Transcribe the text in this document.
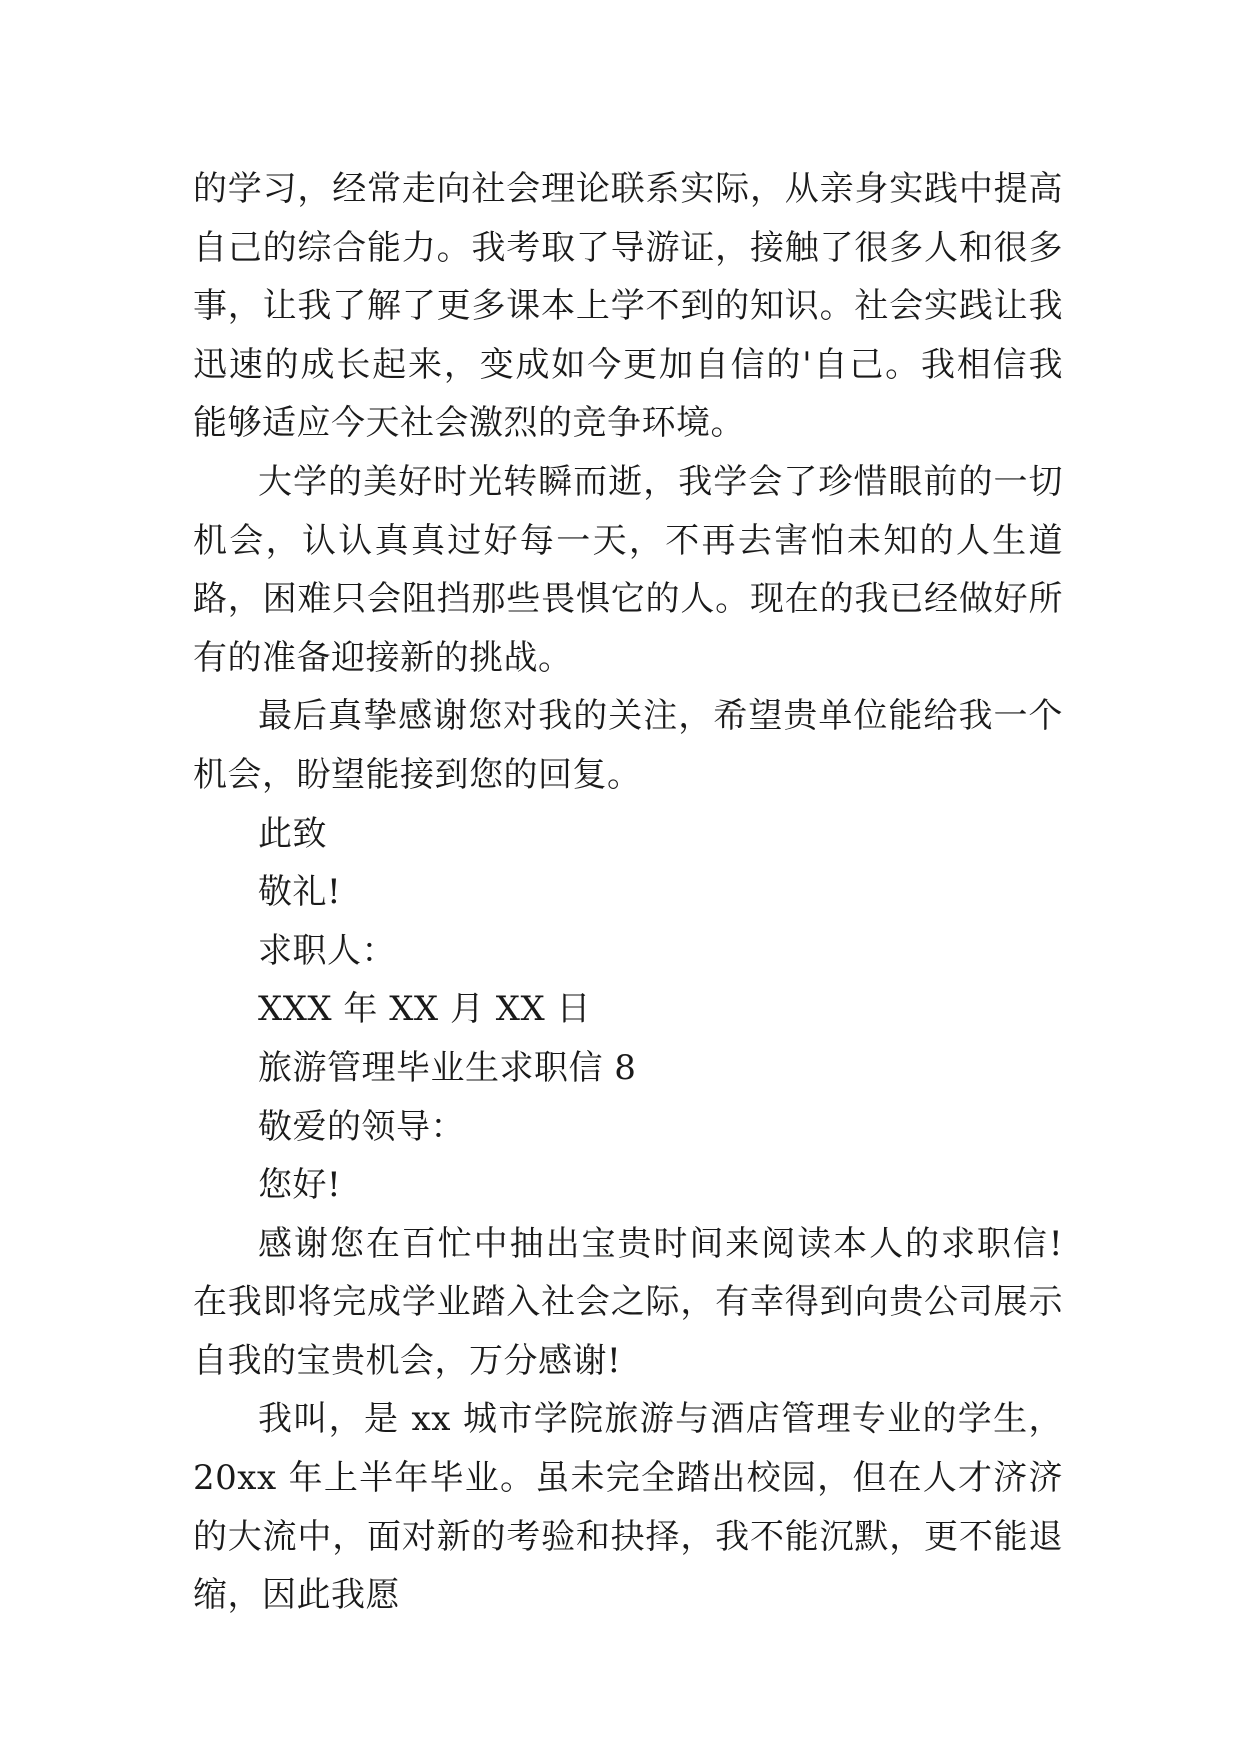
的学习，经常走向社会理论联系实际，从亲身实践中提高自己的综合能力。我考取了导游证，接触了很多人和很多事，让我了解了更多课本上学不到的知识。社会实践让我迅速的成长起来，变成如今更加自信的'自己。我相信我能够适应今天社会激烈的竞争环境。

大学的美好时光转瞬而逝，我学会了珍惜眼前的一切机会，认认真真过好每一天，不再去害怕未知的人生道路，困难只会阻挡那些畏惧它的人。现在的我已经做好所有的准备迎接新的挑战。

最后真挚感谢您对我的关注，希望贵单位能给我一个机会，盼望能接到您的回复。

此致

敬礼!

求职人：

XXX 年 XX 月 XX 日

旅游管理毕业生求职信 8

敬爱的领导：

您好!

感谢您在百忙中抽出宝贵时间来阅读本人的求职信!在我即将完成学业踏入社会之际，有幸得到向贵公司展示自我的宝贵机会，万分感谢!

我叫，是 xx 城市学院旅游与酒店管理专业的学生，20xx 年上半年毕业。虽未完全踏出校园，但在人才济济的大流中，面对新的考验和抉择，我不能沉默，更不能退缩，因此我愿
